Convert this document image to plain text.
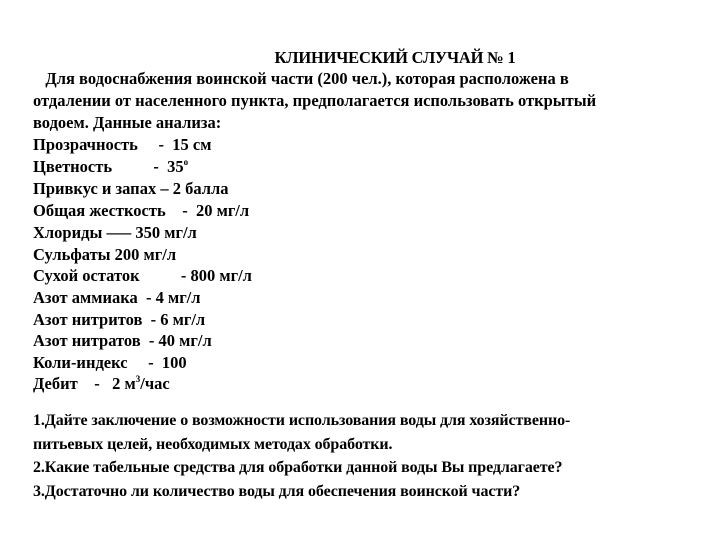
КЛИНИЧЕСКИЙ СЛУЧАЙ № 1
Для водоснабжения воинской части (200 чел.), которая расположена в
отдалении от населенного пункта, предполагается использовать открытый
водоем. Данные анализа:
Прозрачность     -  15 см
Цветность          -  $35^о$
Привкус и запах – 2 балла
Общая жесткость    -  20 мг/л
Хлориды ––– 350 мг/л
Сульфаты 200 мг/л
Сухой остаток          - 800 мг/л
Азот аммиака  - 4 мг/л
Азот нитритов  - 6 мг/л
Азот нитратов  - 40 мг/л
Коли-индекс     -  100
Дебит    -   2 $м^3$/час
1.Дайте заключение о возможности использования воды для хозяйственно-
питьевых целей, необходимых методах обработки.
2.Какие табельные средства для обработки данной воды Вы предлагаете?
3.Достаточно ли количество воды для обеспечения воинской части?
